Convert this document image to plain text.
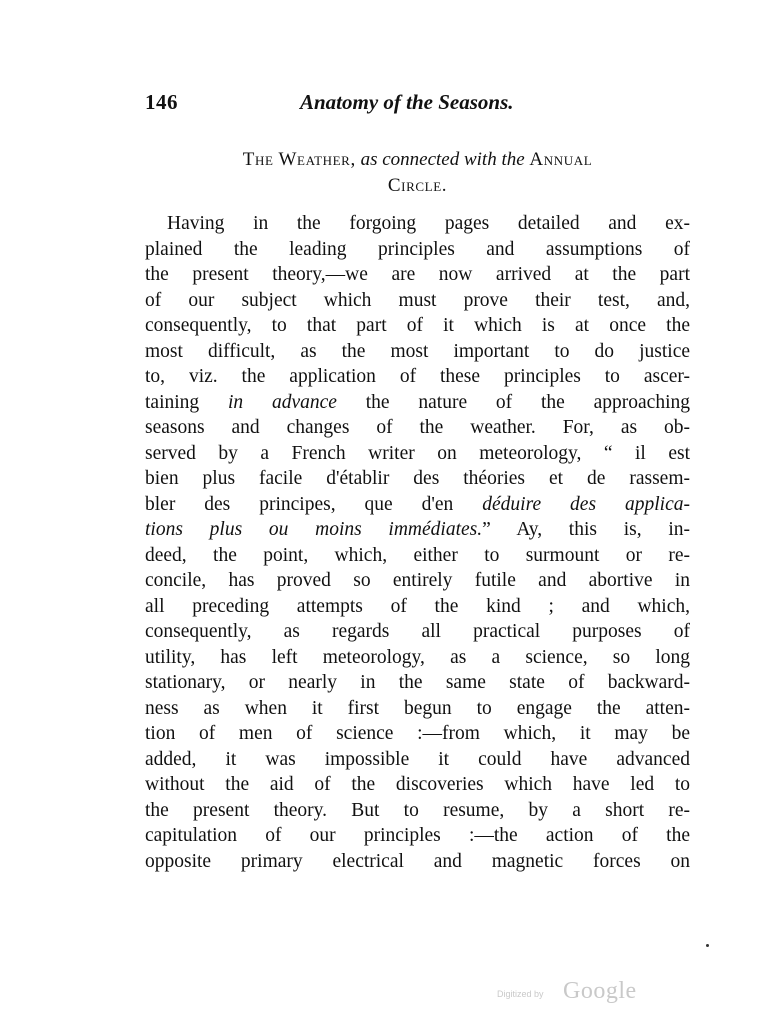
146	Anatomy of the Seasons.
The Weather, as connected with the Annual
Circle.
Having in the forgoing pages detailed and ex-
plained the leading principles and assumptions of
the present theory,—we are now arrived at the part
of our subject which must prove their test, and,
consequently, to that part of it which is at once the
most difficult, as the most important to do justice
to, viz. the application of these principles to ascer-
taining in advance the nature of the approaching
seasons and changes of the weather. For, as ob-
served by a French writer on meteorology, “ il est
bien plus facile d'établir des théories et de rassem-
bler des principes, que d'en déduire des applica-
tions plus ou moins immédiates.” Ay, this is, in-
deed, the point, which, either to surmount or re-
concile, has proved so entirely futile and abortive in
all preceding attempts of the kind ; and which,
consequently, as regards all practical purposes of
utility, has left meteorology, as a science, so long
stationary, or nearly in the same state of backward-
ness as when it first begun to engage the atten-
tion of men of science :—from which, it may be
added, it was impossible it could have advanced
without the aid of the discoveries which have led to
the present theory. But to resume, by a short re-
capitulation of our principles :—the action of the
opposite primary electrical and magnetic forces on
Digitized by Google
